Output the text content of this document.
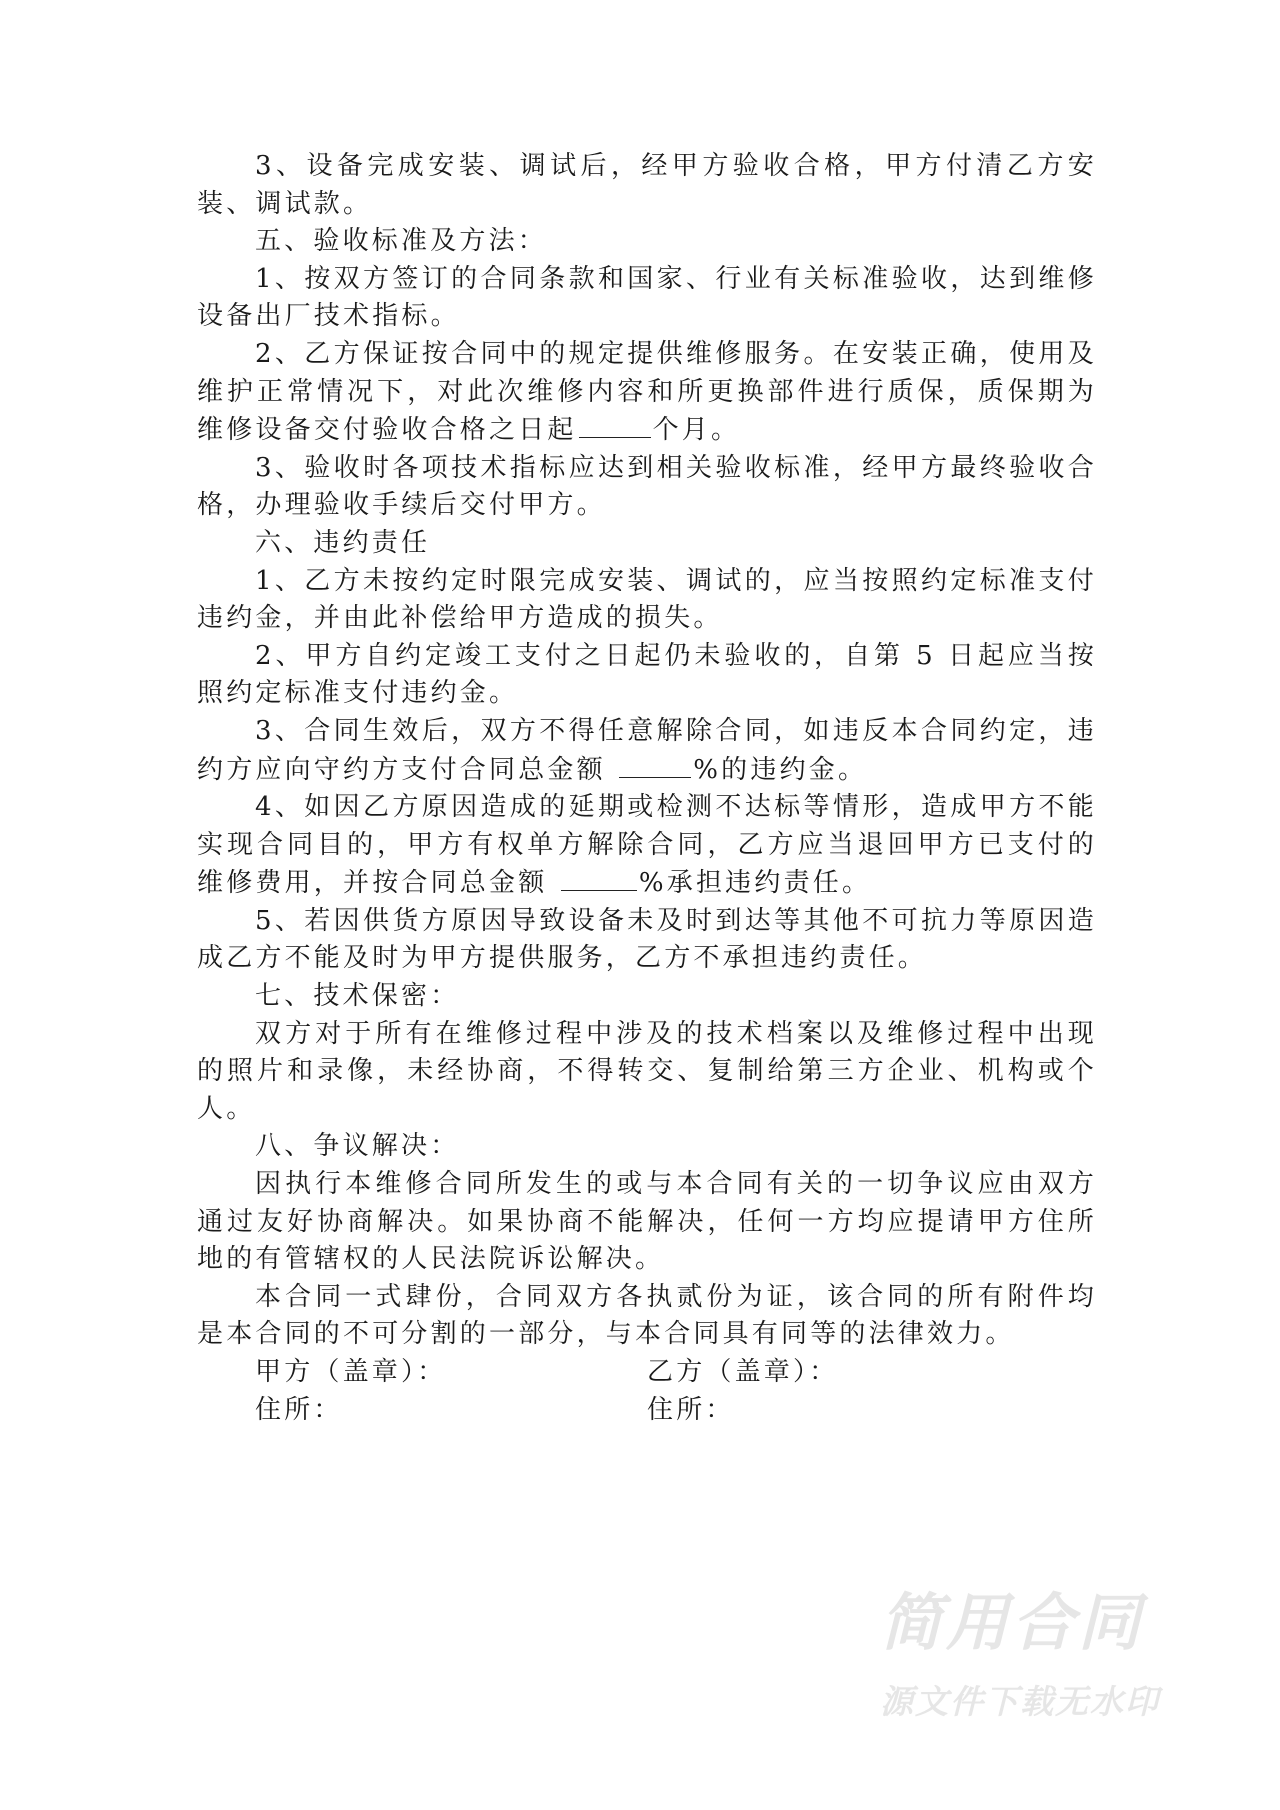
3、设备完成安装、调试后，经甲方验收合格，甲方付清乙方安装、调试款。

五、验收标准及方法：

1、按双方签订的合同条款和国家、行业有关标准验收，达到维修设备出厂技术指标。

2、乙方保证按合同中的规定提供维修服务。在安装正确，使用及维护正常情况下，对此次维修内容和所更换部件进行质保，质保期为维修设备交付验收合格之日起	个月。

3、验收时各项技术指标应达到相关验收标准，经甲方最终验收合格，办理验收手续后交付甲方。

六、违约责任

1、乙方未按约定时限完成安装、调试的，应当按照约定标准支付违约金，并由此补偿给甲方造成的损失。

2、甲方自约定竣工支付之日起仍未验收的，自第 5 日起应当按照约定标准支付违约金。

3、合同生效后，双方不得任意解除合同，如违反本合同约定，违约方应向守约方支付合同总金额	%的违约金。

4、如因乙方原因造成的延期或检测不达标等情形，造成甲方不能实现合同目的，甲方有权单方解除合同，乙方应当退回甲方已支付的维修费用，并按合同总金额	%承担违约责任。

5、若因供货方原因导致设备未及时到达等其他不可抗力等原因造成乙方不能及时为甲方提供服务，乙方不承担违约责任。

七、技术保密：

双方对于所有在维修过程中涉及的技术档案以及维修过程中出现的照片和录像，未经协商，不得转交、复制给第三方企业、机构或个人。

八、争议解决：

因执行本维修合同所发生的或与本合同有关的一切争议应由双方通过友好协商解决。如果协商不能解决，任何一方均应提请甲方住所地的有管辖权的人民法院诉讼解决。

本合同一式肆份，合同双方各执贰份为证，该合同的所有附件均是本合同的不可分割的一部分，与本合同具有同等的法律效力。

甲方（盖章）：	乙方（盖章）：
住所：	住所：
简用合同
源文件下载无水印
